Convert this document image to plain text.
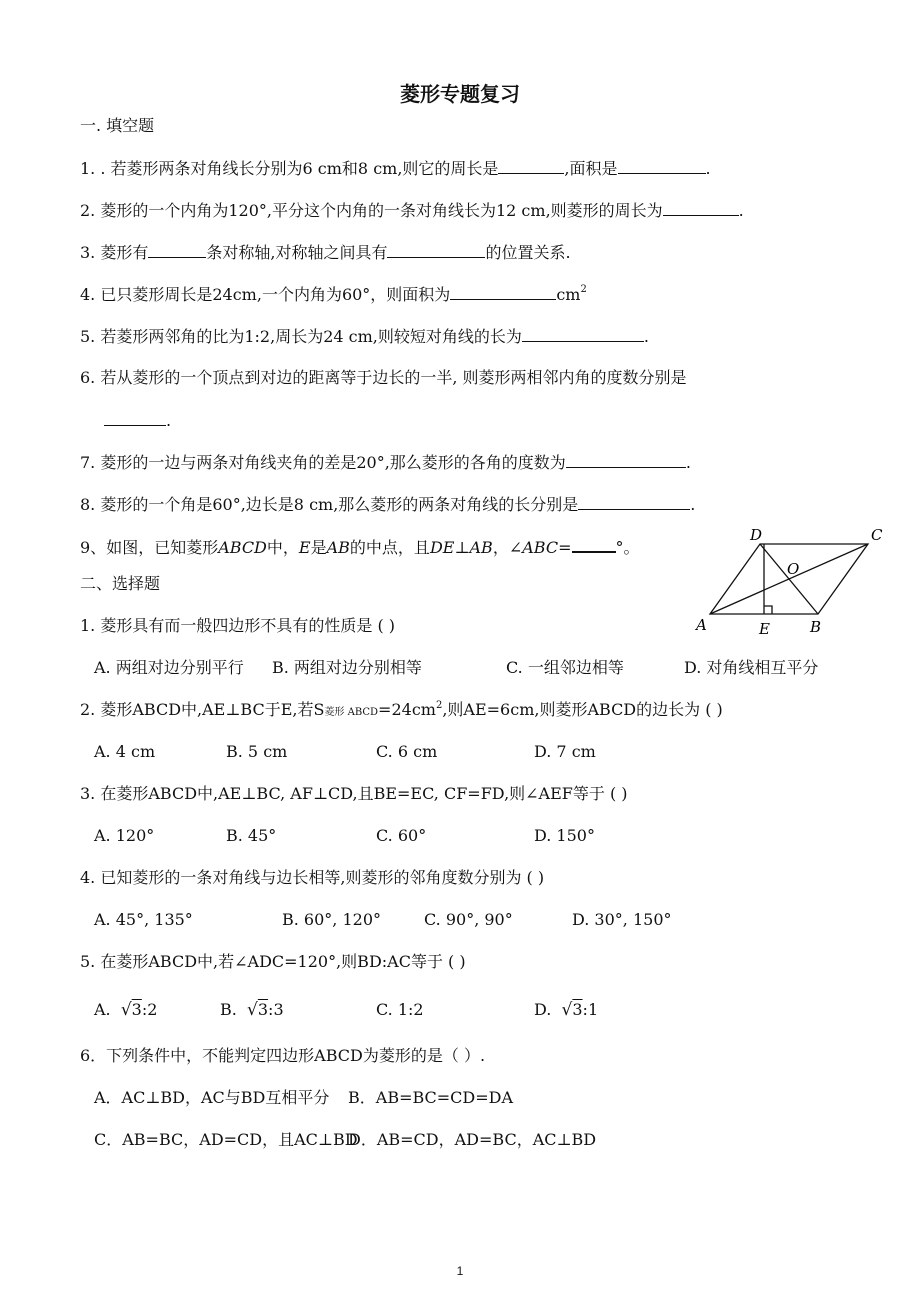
菱形专题复习
一. 填空题
1. . 若菱形两条对角线长分别为6 cm和8 cm,则它的周长是	,面积是	.
2. 菱形的一个内角为120°,平分这个内角的一条对角线长为12 cm,则菱形的周长为	.
3. 菱形有	条对称轴,对称轴之间具有	的位置关系.
4. 已只菱形周长是24cm,一个内角为60°，则面积为	$cm^2$
5. 若菱形两邻角的比为1:2,周长为24 cm,则较短对角线的长为	.
6. 若从菱形的一个顶点到对边的距离等于边长的一半, 则菱形两相邻内角的度数分别是
.
7. 菱形的一边与两条对角线夹角的差是20°,那么菱形的各角的度数为	.
8. 菱形的一个角是60°,边长是8 cm,那么菱形的两条对角线的长分别是	.
9、如图，已知菱形ABCD中，E是AB的中点，且DE⊥AB，∠ABC=	°。
D	C
O
A	E	B
二、选择题
1. 菱形具有而一般四边形不具有的性质是 ( )
A. 两组对边分别平行 B. 两组对边分别相等	C. 一组邻边相等	D. 对角线相互平分
2. 菱形ABCD中,AE⊥BC于E,若S菱形 $ABCD=24cm^2$,则AE=6cm,则菱形ABCD的边长为 ( )
A. 4 cm	B. 5 cm	C. 6 cm	D. 7 cm
3. 在菱形ABCD中,AE⊥BC, AF⊥CD,且BE=EC, CF=FD,则∠AEF等于 ( )
A. 120°	B. 45°	C. 60°	D. 150°
4. 已知菱形的一条对角线与边长相等,则菱形的邻角度数分别为 ( )
A. 45°, 135°	B. 60°, 120°	C. 90°, 90°	D. 30°, 150°
5. 在菱形ABCD中,若∠ADC=120°,则BD:AC等于 ( )
A. √3:2	B. √3:3	C. 1:2	D. √3:1
6．下列条件中，不能判定四边形ABCD为菱形的是（ ）.
A．AC⊥BD，AC与BD互相平分 B．AB=BC=CD=DA
C．AB=BC，AD=CD，且AC⊥BD
D．AB=CD，AD=BC，AC⊥BD
1
